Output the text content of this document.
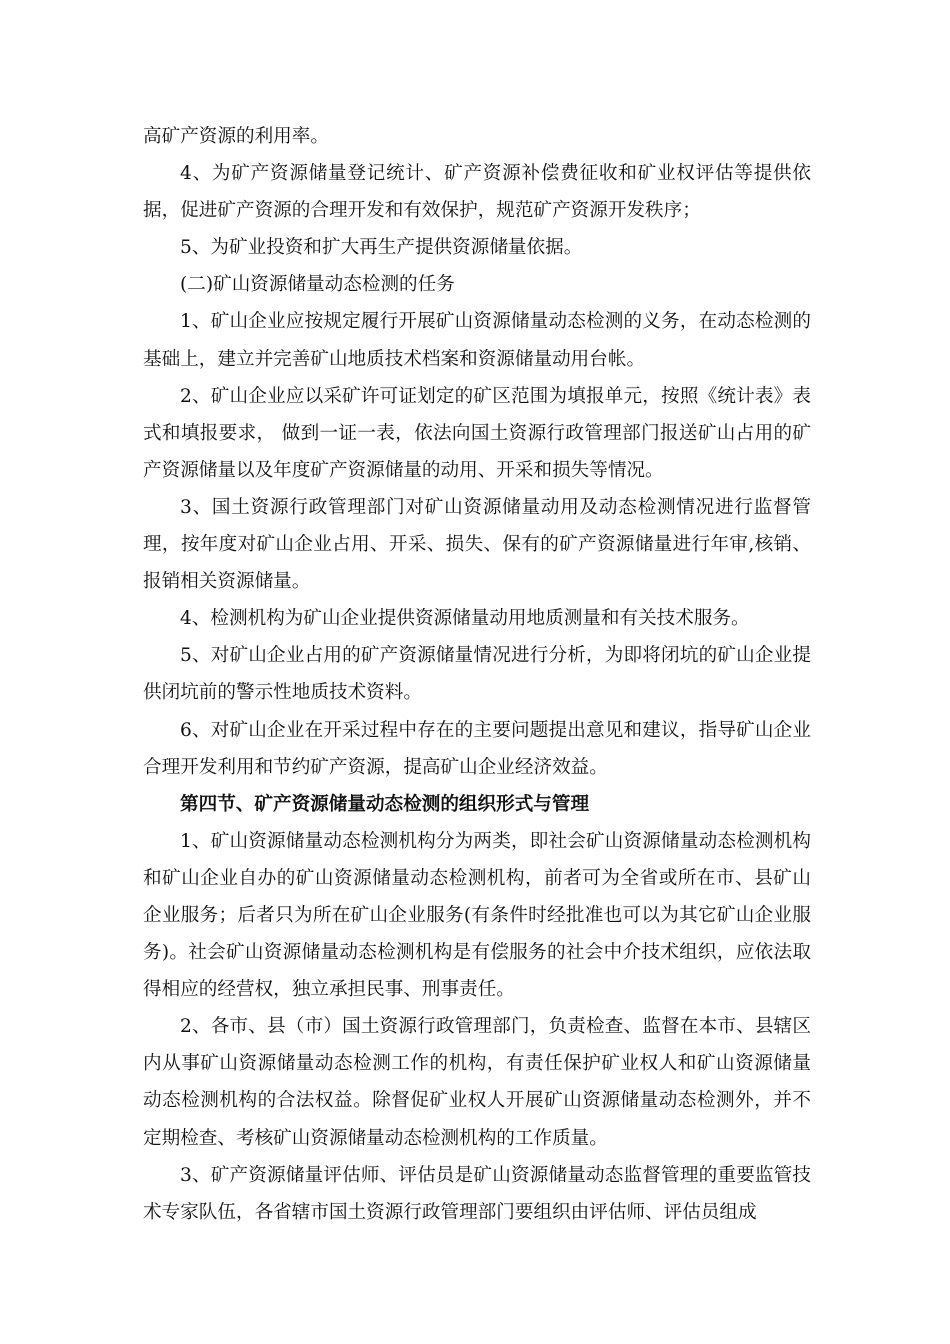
高矿产资源的利用率。

4、为矿产资源储量登记统计、矿产资源补偿费征收和矿业权评估等提供依据，促进矿产资源的合理开发和有效保护，规范矿产资源开发秩序；

5、为矿业投资和扩大再生产提供资源储量依据。

(二)矿山资源储量动态检测的任务

1、矿山企业应按规定履行开展矿山资源储量动态检测的义务，在动态检测的基础上，建立并完善矿山地质技术档案和资源储量动用台帐。

2、矿山企业应以采矿许可证划定的矿区范围为填报单元，按照《统计表》表式和填报要求， 做到一证一表，依法向国土资源行政管理部门报送矿山占用的矿产资源储量以及年度矿产资源储量的动用、开采和损失等情况。

3、国土资源行政管理部门对矿山资源储量动用及动态检测情况进行监督管理，按年度对矿山企业占用、开采、损失、保有的矿产资源储量进行年审,核销、报销相关资源储量。

4、检测机构为矿山企业提供资源储量动用地质测量和有关技术服务。

5、对矿山企业占用的矿产资源储量情况进行分析，为即将闭坑的矿山企业提供闭坑前的警示性地质技术资料。

6、对矿山企业在开采过程中存在的主要问题提出意见和建议，指导矿山企业合理开发利用和节约矿产资源，提高矿山企业经济效益。

第四节、矿产资源储量动态检测的组织形式与管理

1、矿山资源储量动态检测机构分为两类，即社会矿山资源储量动态检测机构和矿山企业自办的矿山资源储量动态检测机构，前者可为全省或所在市、县矿山企业服务；后者只为所在矿山企业服务(有条件时经批准也可以为其它矿山企业服务)。社会矿山资源储量动态检测机构是有偿服务的社会中介技术组织，应依法取得相应的经营权，独立承担民事、刑事责任。

2、各市、县（市）国土资源行政管理部门，负责检查、监督在本市、县辖区内从事矿山资源储量动态检测工作的机构，有责任保护矿业权人和矿山资源储量动态检测机构的合法权益。除督促矿业权人开展矿山资源储量动态检测外，并不定期检查、考核矿山资源储量动态检测机构的工作质量。

3、矿产资源储量评估师、评估员是矿山资源储量动态监督管理的重要监管技术专家队伍，各省辖市国土资源行政管理部门要组织由评估师、评估员组成
